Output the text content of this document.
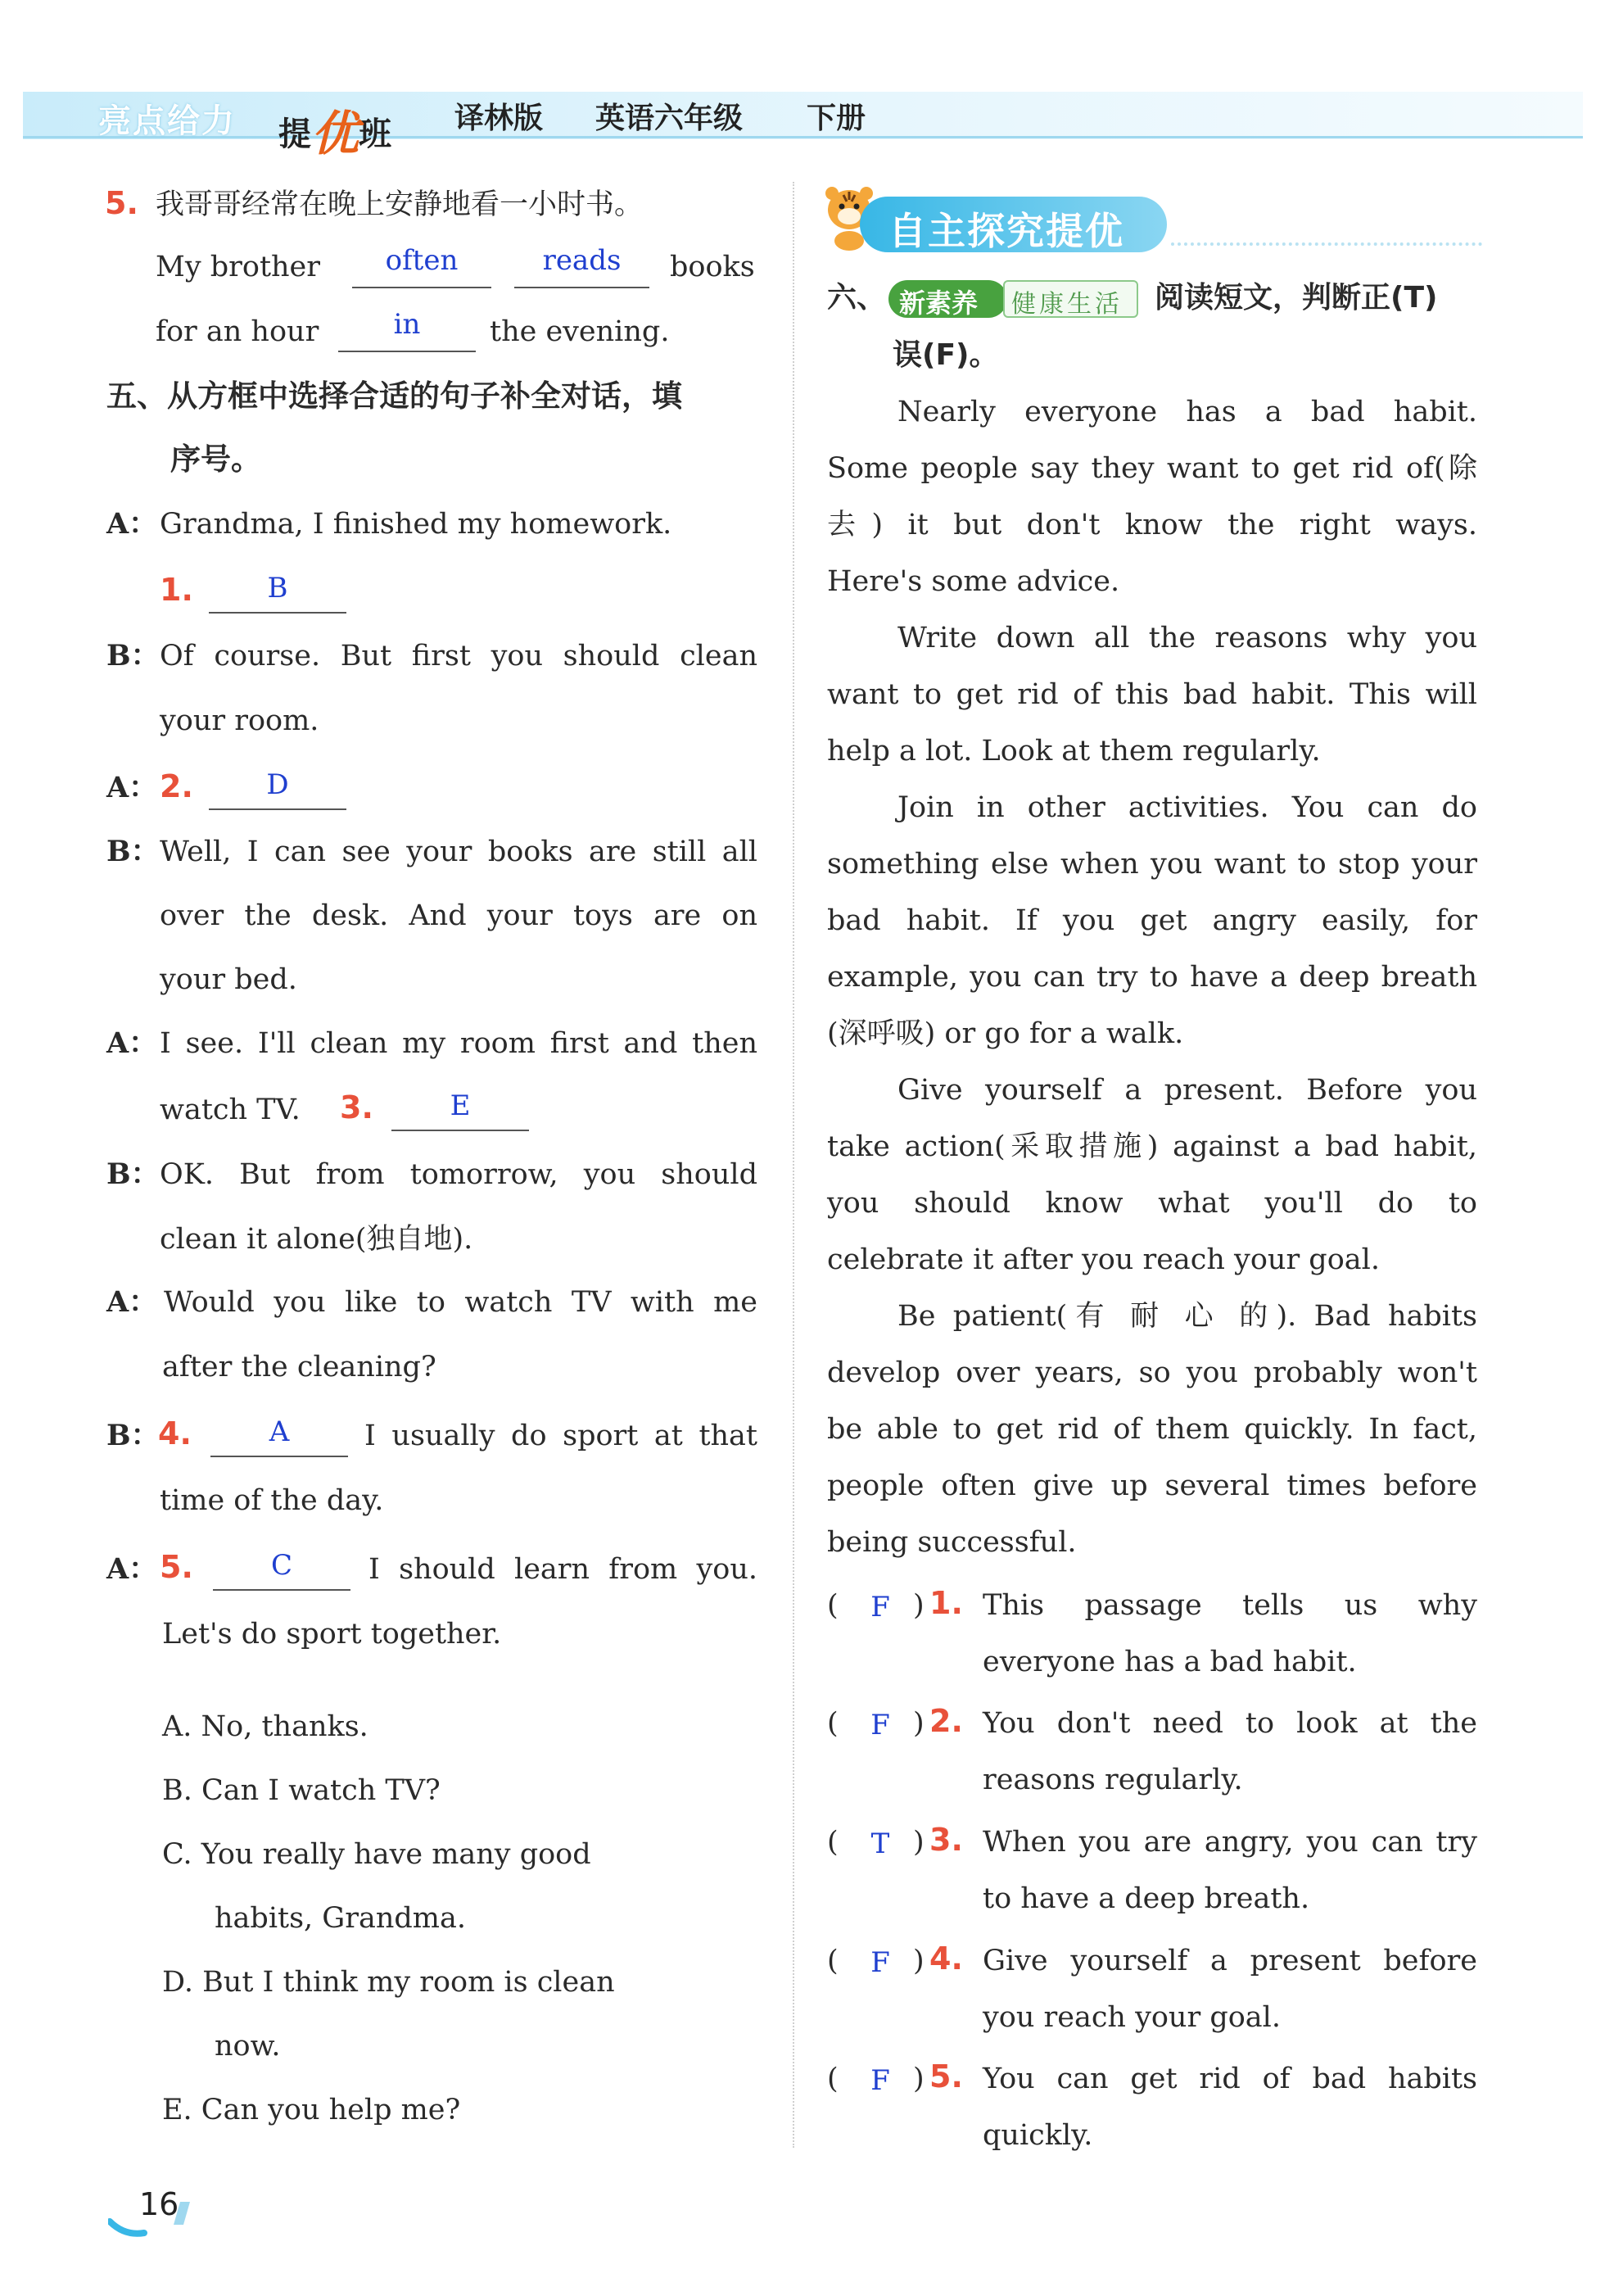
亮点给力 提优班 译林版 英语六年级 下册
5. 我哥哥经常在晚上安静地看一小时书。
My brother	often	reads	books
for an hour	in	the evening.
五、从方框中选择合适的句子补全对话，填
序号。
A： Grandma, I finished my homework.
1.	B
B： Of course. But first you should clean
your room.
A： 2.	D
B： Well, I can see your books are still all
over the desk. And your toys are on
your bed.
A： I see. I'll clean my room first and then
watch TV. 3.	E
B： OK. But from tomorrow, you should
clean it alone(独自地).
A： Would you like to watch TV with me
after the cleaning?
B：
4.	A	I usually do sport at that
time of the day.
A： 5.	C	I should learn from you.
Let's do sport together.
A. No, thanks.
B. Can I watch TV?
C. You really have many good
habits, Grandma.
D. But I think my room is clean
now.
E. Can you help me?
自主探究提优
六、 新素养 健康生活 阅读短文，判断正(T)
误(F)。
Nearly everyone has a bad habit.
Some people say they want to get rid of(除
去) it but don't know the right ways.
Here's some advice.
Write down all the reasons why you
want to get rid of this bad habit. This will
help a lot. Look at them regularly.
Join in other activities. You can do
something else when you want to stop your
bad habit. If you get angry easily, for
example, you can try to have a deep breath
(深呼吸) or go for a walk.
Give yourself a present. Before you
take action(采取措施) against a bad habit,
you should know what you'll do to
celebrate it after you reach your goal.
Be patient(有 耐 心 的). Bad habits
develop over years, so you probably won't
be able to get rid of them quickly. In fact,
people often give up several times before
being successful.
( F ) 1. This passage tells us why
everyone has a bad habit.
( F ) 2. You don't need to look at the
reasons regularly.
( T ) 3. When you are angry, you can try
to have a deep breath.
( F ) 4. Give yourself a present before
you reach your goal.
( F ) 5. You can get rid of bad habits
quickly.
16
